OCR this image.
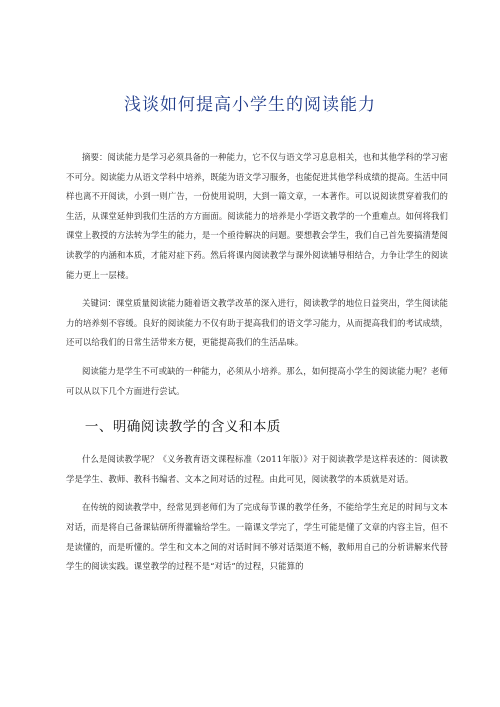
浅谈如何提高小学生的阅读能力

摘要：阅读能力是学习必须具备的一种能力，它不仅与语文学习息息相关，也和其他学科的学习密不可分。阅读能力从语文学科中培养，既能为语文学习服务，也能促进其他学科成绩的提高。生活中同样也离不开阅读，小到一则广告，一份使用说明，大到一篇文章，一本著作。可以说阅读贯穿着我们的生活，从课堂延伸到我们生活的方方面面。阅读能力的培养是小学语文教学的一个重难点。如何将我们课堂上教授的方法转为学生的能力，是一个亟待解决的问题。要想教会学生，我们自己首先要搞清楚阅读教学的内涵和本质，才能对症下药。然后将课内阅读教学与课外阅读辅导相结合，力争让学生的阅读能力更上一层楼。

关键词：课堂质量阅读能力随着语文教学改革的深入进行，阅读教学的地位日益突出，学生阅读能力的培养刻不容缓。良好的阅读能力不仅有助于提高我们的语文学习能力，从而提高我们的考试成绩，还可以给我们的日常生活带来方便，更能提高我们的生活品味。

阅读能力是学生不可或缺的一种能力，必须从小培养。那么，如何提高小学生的阅读能力呢？老师可以从以下几个方面进行尝试。

一、明确阅读教学的含义和本质

什么是阅读教学呢？《义务教育语文课程标准（2011年版）》对于阅读教学是这样表述的：阅读教学是学生、教师、教科书编者、文本之间对话的过程。由此可见，阅读教学的本质就是对话。

在传统的阅读教学中，经常见到老师们为了完成每节课的教学任务，不能给学生充足的时间与文本对话，而是将自己备课钻研所得灌输给学生。一篇课文学完了，学生可能是懂了文章的内容主旨，但不是读懂的，而是听懂的。学生和文本之间的对话时间不够对话渠道不畅，教师用自己的分析讲解来代替学生的阅读实践。课堂教学的过程不是“对话”的过程，只能算的
